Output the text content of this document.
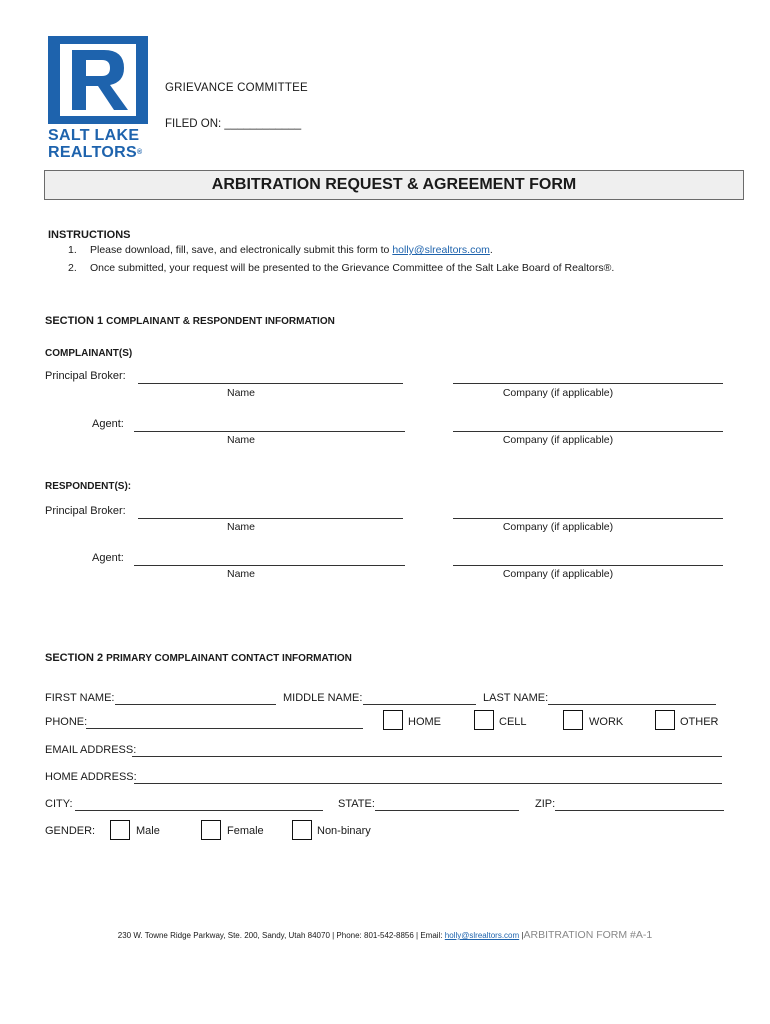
SALT LAKE
REALTORS®
GRIEVANCE COMMITTEE
FILED ON: ____________
ARBITRATION REQUEST & AGREEMENT FORM
INSTRUCTIONS
1. Please download, fill, save, and electronically submit this form to holly@slrealtors.com.
2. Once submitted, your request will be presented to the Grievance Committee of the Salt Lake Board of Realtors®.
SECTION 1 COMPLAINANT & RESPONDENT INFORMATION
COMPLAINANT(S)
Principal Broker:
Name	Company (if applicable)
Agent:
Name	Company (if applicable)
RESPONDENT(S):
Principal Broker:
Name	Company (if applicable)
Agent:
Name	Company (if applicable)
SECTION 2 PRIMARY COMPLAINANT CONTACT INFORMATION
FIRST NAME:	MIDDLE NAME:	LAST NAME:
PHONE:	HOME	CELL	WORK	OTHER
EMAIL ADDRESS:
HOME ADDRESS:
CITY:	STATE:	ZIP:
GENDER:	Male	Female	Non-binary
230 W. Towne Ridge Parkway, Ste. 200, Sandy, Utah 84070 | Phone: 801-542-8856 | Email: holly@slrealtors.com |ARBITRATION FORM #A-1
